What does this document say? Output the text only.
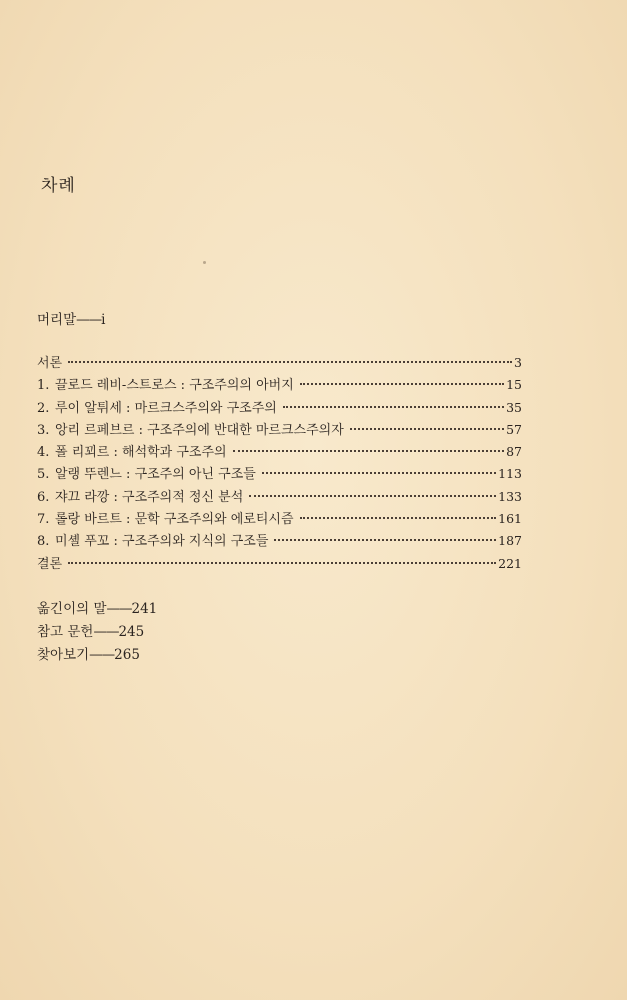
차례
머리말——i
서론	3
1. 끌로드 레비-스트로스 : 구조주의의 아버지	15
2. 루이 알튀세 : 마르크스주의와 구조주의	35
3. 앙리 르페브르 : 구조주의에 반대한 마르크스주의자	57
4. 폴 리꾀르 : 해석학과 구조주의	87
5. 알랭 뚜렌느 : 구조주의 아닌 구조들	113
6. 쟈끄 라깡 : 구조주의적 정신 분석	133
7. 롤랑 바르트 : 문학 구조주의와 에로티시즘	161
8. 미셸 푸꼬 : 구조주의와 지식의 구조들	187
결론	221
옮긴이의 말——241
참고 문헌——245
찾아보기——265
